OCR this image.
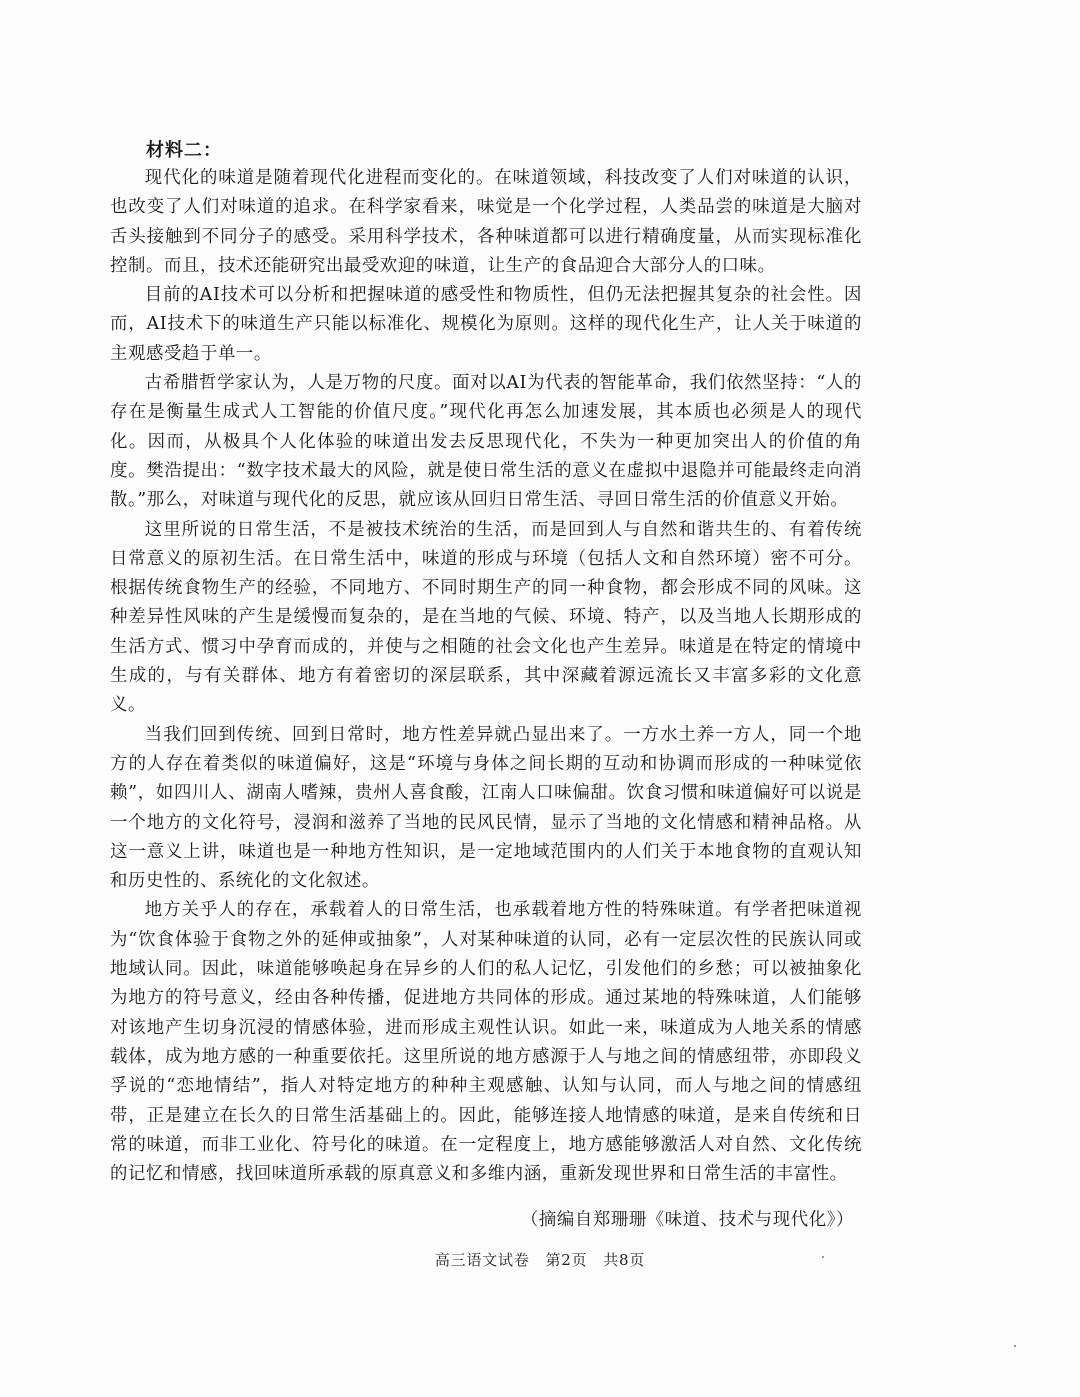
材料二：

现代化的味道是随着现代化进程而变化的。在味道领域，科技改变了人们对味道的认识，也改变了人们对味道的追求。在科学家看来，味觉是一个化学过程，人类品尝的味道是大脑对舌头接触到不同分子的感受。采用科学技术，各种味道都可以进行精确度量，从而实现标准化控制。而且，技术还能研究出最受欢迎的味道，让生产的食品迎合大部分人的口味。

目前的AI技术可以分析和把握味道的感受性和物质性，但仍无法把握其复杂的社会性。因而，AI技术下的味道生产只能以标准化、规模化为原则。这样的现代化生产，让人关于味道的主观感受趋于单一。

古希腊哲学家认为，人是万物的尺度。面对以AI为代表的智能革命，我们依然坚持：“人的存在是衡量生成式人工智能的价值尺度。”现代化再怎么加速发展，其本质也必须是人的现代化。因而，从极具个人化体验的味道出发去反思现代化，不失为一种更加突出人的价值的角度。樊浩提出：“数字技术最大的风险，就是使日常生活的意义在虚拟中退隐并可能最终走向消散。”那么，对味道与现代化的反思，就应该从回归日常生活、寻回日常生活的价值意义开始。

这里所说的日常生活，不是被技术统治的生活，而是回到人与自然和谐共生的、有着传统日常意义的原初生活。在日常生活中，味道的形成与环境（包括人文和自然环境）密不可分。根据传统食物生产的经验，不同地方、不同时期生产的同一种食物，都会形成不同的风味。这种差异性风味的产生是缓慢而复杂的，是在当地的气候、环境、特产，以及当地人长期形成的生活方式、惯习中孕育而成的，并使与之相随的社会文化也产生差异。味道是在特定的情境中生成的，与有关群体、地方有着密切的深层联系，其中深藏着源远流长又丰富多彩的文化意义。

当我们回到传统、回到日常时，地方性差异就凸显出来了。一方水土养一方人，同一个地方的人存在着类似的味道偏好，这是“环境与身体之间长期的互动和协调而形成的一种味觉依赖”，如四川人、湖南人嗜辣，贵州人喜食酸，江南人口味偏甜。饮食习惯和味道偏好可以说是一个地方的文化符号，浸润和滋养了当地的民风民情，显示了当地的文化情感和精神品格。从这一意义上讲，味道也是一种地方性知识，是一定地域范围内的人们关于本地食物的直观认知和历史性的、系统化的文化叙述。

地方关乎人的存在，承载着人的日常生活，也承载着地方性的特殊味道。有学者把味道视为“饮食体验于食物之外的延伸或抽象”，人对某种味道的认同，必有一定层次性的民族认同或地域认同。因此，味道能够唤起身在异乡的人们的私人记忆，引发他们的乡愁；可以被抽象化为地方的符号意义，经由各种传播，促进地方共同体的形成。通过某地的特殊味道，人们能够对该地产生切身沉浸的情感体验，进而形成主观性认识。如此一来，味道成为人地关系的情感载体，成为地方感的一种重要依托。这里所说的地方感源于人与地之间的情感纽带，亦即段义孚说的“恋地情结”，指人对特定地方的种种主观感触、认知与认同，而人与地之间的情感纽带，正是建立在长久的日常生活基础上的。因此，能够连接人地情感的味道，是来自传统和日常的味道，而非工业化、符号化的味道。在一定程度上，地方感能够激活人对自然、文化传统的记忆和情感，找回味道所承载的原真意义和多维内涵，重新发现世界和日常生活的丰富性。

（摘编自郑珊珊《味道、技术与现代化》）
高三语文试卷　第2页　共8页
